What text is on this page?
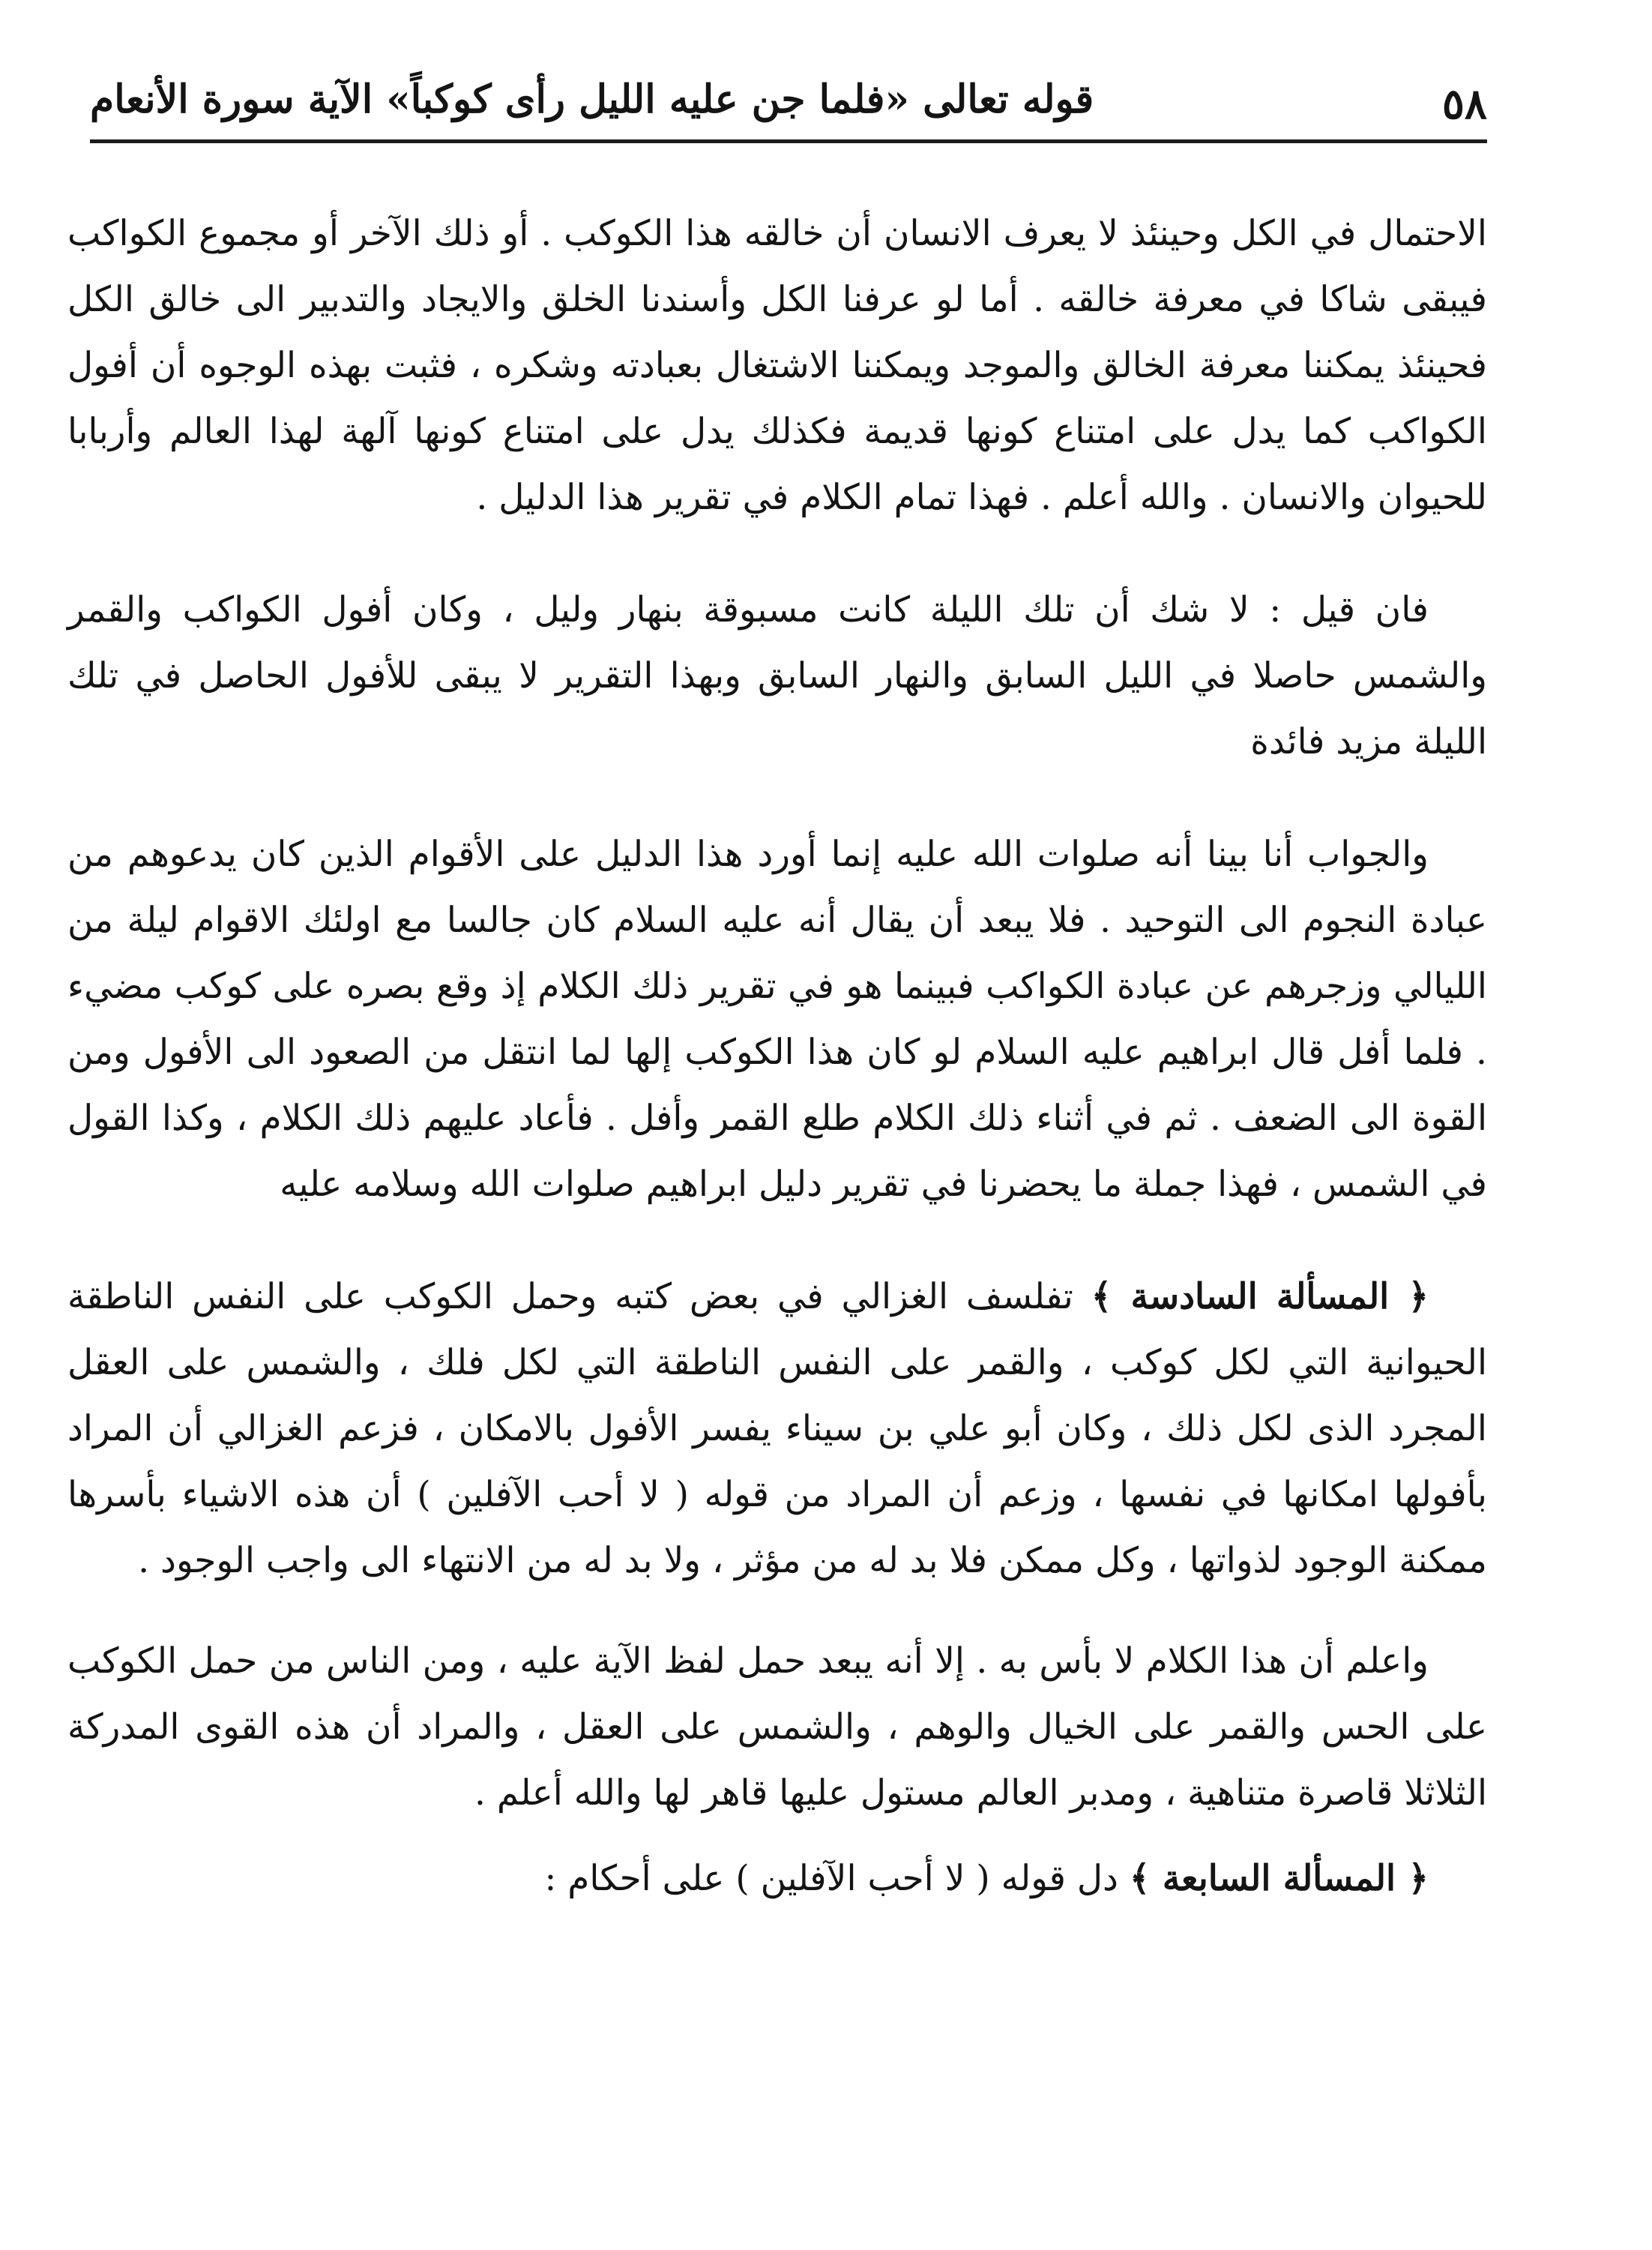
٥٨
قوله تعالى «فلما جن عليه الليل رأى كوكباً» الآية سورة الأنعام

الاحتمال في الكل وحينئذ لا يعرف الانسان أن خالقه هذا الكوكب . أو ذلك الآخر أو مجموع الكواكب فيبقى شاكا في معرفة خالقه . أما لو عرفنا الكل وأسندنا الخلق والايجاد والتدبير الى خالق الكل فحينئذ يمكننا معرفة الخالق والموجد ويمكننا الاشتغال بعبادته وشكره ، فثبت بهذه الوجوه أن أفول الكواكب كما يدل على امتناع كونها قديمة فكذلك يدل على امتناع كونها آلهة لهذا العالم وأربابا للحيوان والانسان . والله أعلم . فهذا تمام الكلام في تقرير هذا الدليل .

فان قيل : لا شك أن تلك الليلة كانت مسبوقة بنهار وليل ، وكان أفول الكواكب والقمر والشمس حاصلا في الليل السابق والنهار السابق وبهذا التقرير لا يبقى للأفول الحاصل في تلك الليلة مزيد فائدة

والجواب أنا بينا أنه صلوات الله عليه إنما أورد هذا الدليل على الأقوام الذين كان يدعوهم من عبادة النجوم الى التوحيد . فلا يبعد أن يقال أنه عليه السلام كان جالسا مع اولئك الاقوام ليلة من الليالي وزجرهم عن عبادة الكواكب فبينما هو في تقرير ذلك الكلام إذ وقع بصره على كوكب مضيء . فلما أفل قال ابراهيم عليه السلام لو كان هذا الكوكب إلها لما انتقل من الصعود الى الأفول ومن القوة الى الضعف . ثم في أثناء ذلك الكلام طلع القمر وأفل . فأعاد عليهم ذلك الكلام ، وكذا القول في الشمس ، فهذا جملة ما يحضرنا في تقرير دليل ابراهيم صلوات الله وسلامه عليه

﴿ المسألة السادسة ﴾ تفلسف الغزالي في بعض كتبه وحمل الكوكب على النفس الناطقة الحيوانية التي لكل كوكب ، والقمر على النفس الناطقة التي لكل فلك ، والشمس على العقل المجرد الذى لكل ذلك ، وكان أبو علي بن سيناء يفسر الأفول بالامكان ، فزعم الغزالي أن المراد بأفولها امكانها في نفسها ، وزعم أن المراد من قوله ( لا أحب الآفلين ) أن هذه الاشياء بأسرها ممكنة الوجود لذواتها ، وكل ممكن فلا بد له من مؤثر ، ولا بد له من الانتهاء الى واجب الوجود .

واعلم أن هذا الكلام لا بأس به . إلا أنه يبعد حمل لفظ الآية عليه ، ومن الناس من حمل الكوكب على الحس والقمر على الخيال والوهم ، والشمس على العقل ، والمراد أن هذه القوى المدركة الثلاثلا قاصرة متناهية ، ومدبر العالم مستول عليها قاهر لها والله أعلم .

﴿ المسألة السابعة ﴾ دل قوله ( لا أحب الآفلين ) على أحكام :
